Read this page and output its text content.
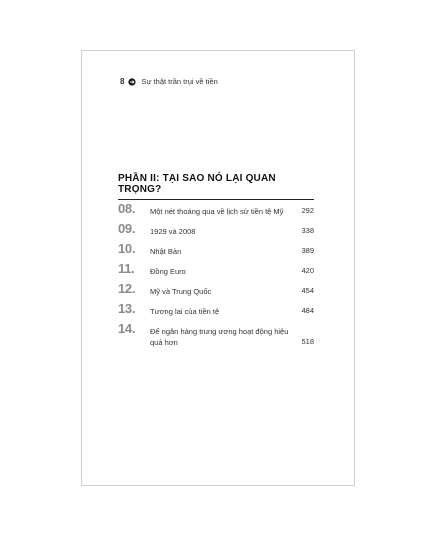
8 Sự thật trần trụi về tiền
PHẦN II: TẠI SAO NÓ LẠI QUAN TRỌNG?
08. Một nét thoáng qua về lịch sử tiền tệ Mỹ	292
09. 1929 và 2008	338
10. Nhật Bản	389
11. Đồng Euro	420
12. Mỹ và Trung Quốc	454
13. Tương lai của tiền tệ	484
14. Để ngân hàng trung ương hoạt động hiệu quả hơn	518
